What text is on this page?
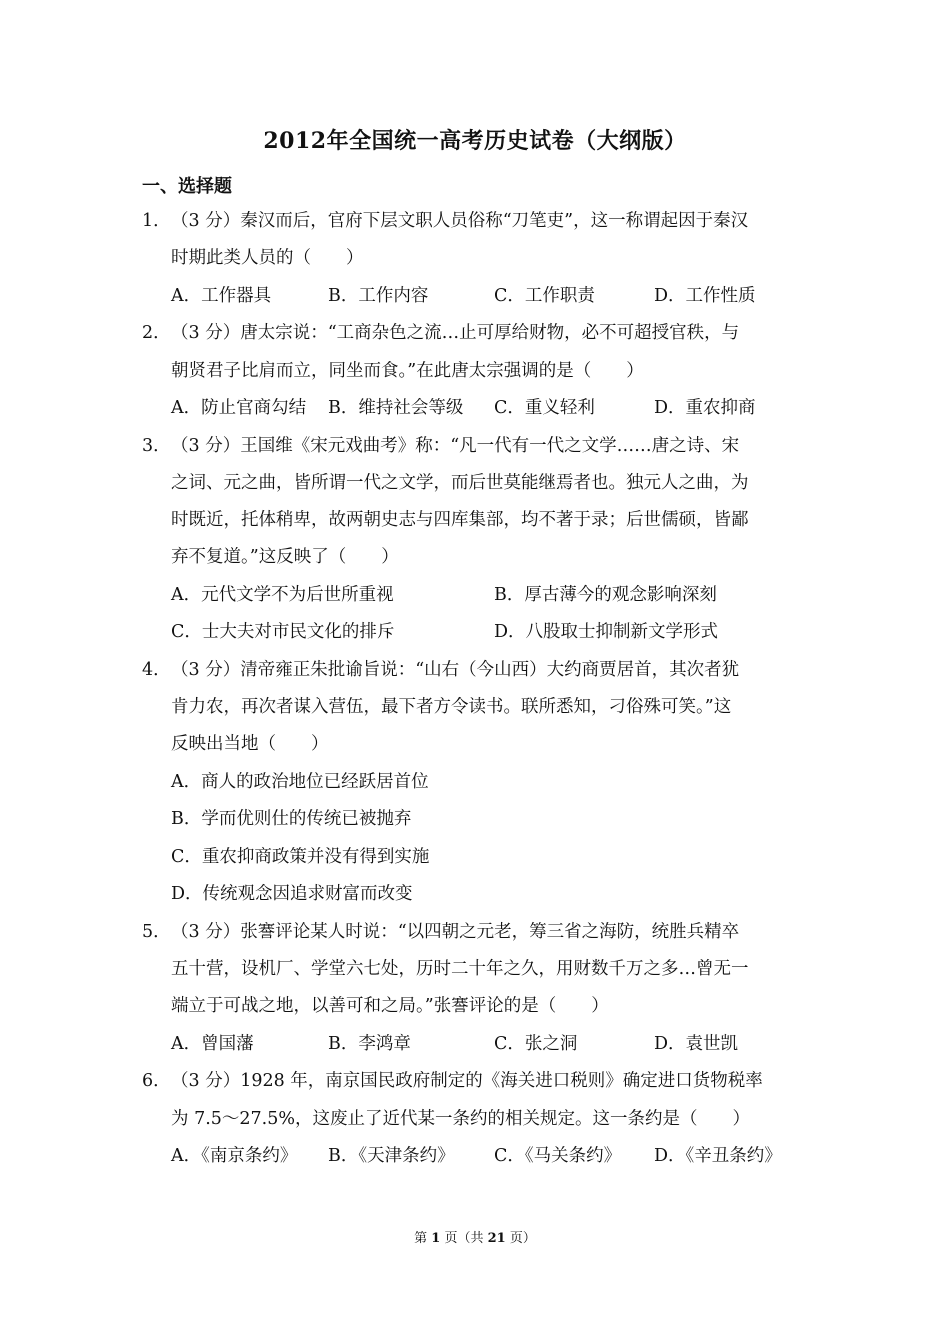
2012年全国统一高考历史试卷（大纲版）
一、选择题
1． （3 分）秦汉而后，官府下层文职人员俗称“刀笔吏”，这一称谓起因于秦汉
时期此类人员的（　　）
A．工作器具	B．工作内容	C．工作职责	D．工作性质
2． （3 分）唐太宗说：“工商杂色之流…止可厚给财物，必不可超授官秩，与
朝贤君子比肩而立，同坐而食。”在此唐太宗强调的是（　　）
A．防止官商勾结 B．维持社会等级 C．重义轻利	D．重农抑商
3． （3 分）王国维《宋元戏曲考》称：“凡一代有一代之文学……唐之诗、宋
之词、元之曲，皆所谓一代之文学，而后世莫能继焉者也。独元人之曲，为
时既近，托体稍卑，故两朝史志与四库集部，均不著于录；后世儒硕，皆鄙
弃不复道。”这反映了（　　）
A．元代文学不为后世所重视	B．厚古薄今的观念影响深刻
C．士大夫对市民文化的排斥	D．八股取士抑制新文学形式
4． （3 分）清帝雍正朱批谕旨说：“山右（今山西）大约商贾居首，其次者犹
肯力农，再次者谋入营伍，最下者方令读书。联所悉知，刁俗殊可笑。”这
反映出当地（　　）
A．商人的政治地位已经跃居首位
B．学而优则仕的传统已被抛弃
C．重农抑商政策并没有得到实施
D．传统观念因追求财富而改变
5． （3 分）张謇评论某人时说：“以四朝之元老，筹三省之海防，统胜兵精卒
五十营，设机厂、学堂六七处，历时二十年之久，用财数千万之多…曾无一
端立于可战之地，以善可和之局。”张謇评论的是（　　）
A．曾国藩	B．李鸿章	C．张之洞	D．袁世凯
6． （3 分）1928 年，南京国民政府制定的《海关进口税则》确定进口货物税率
为 7.5～27.5%，这废止了近代某一条约的相关规定。这一条约是（　　）
A．《南京条约》 B．《天津条约》 C．《马关条约》 D．《辛丑条约》
第 1 页（共 21 页）
